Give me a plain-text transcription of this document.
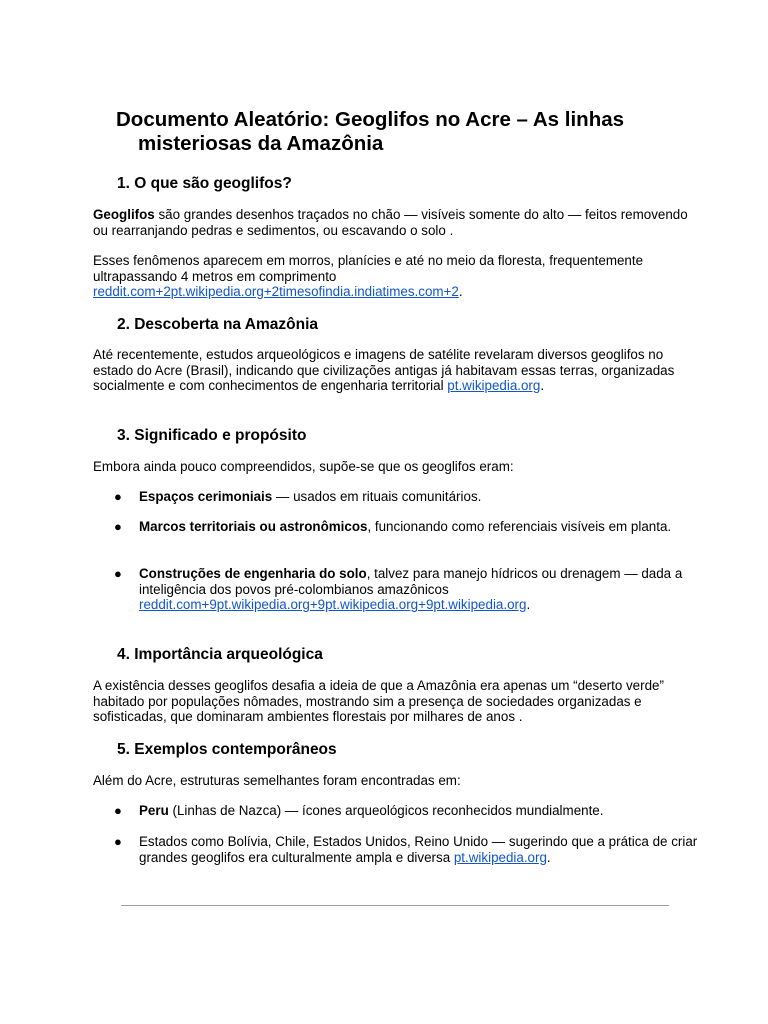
Documento Aleatório: Geoglifos no Acre – As linhas misteriosas da Amazônia
1. O que são geoglifos?

Geoglifos são grandes desenhos traçados no chão — visíveis somente do alto — feitos removendo ou rearranjando pedras e sedimentos, ou escavando o solo .

Esses fenômenos aparecem em morros, planícies e até no meio da floresta, frequentemente ultrapassando 4 metros em comprimento reddit.com+2pt.wikipedia.org+2timesofindia.indiatimes.com+2.

2. Descoberta na Amazônia

Até recentemente, estudos arqueológicos e imagens de satélite revelaram diversos geoglifos no estado do Acre (Brasil), indicando que civilizações antigas já habitavam essas terras, organizadas socialmente e com conhecimentos de engenharia territorial pt.wikipedia.org.

3. Significado e propósito

Embora ainda pouco compreendidos, supõe-se que os geoglifos eram:

● Espaços cerimoniais — usados em rituais comunitários.
● Marcos territoriais ou astronômicos, funcionando como referenciais visíveis em planta.
● Construções de engenharia do solo, talvez para manejo hídricos ou drenagem — dada a inteligência dos povos pré-colombianos amazônicos reddit.com+9pt.wikipedia.org+9pt.wikipedia.org+9pt.wikipedia.org.
4. Importância arqueológica

A existência desses geoglifos desafia a ideia de que a Amazônia era apenas um “deserto verde” habitado por populações nômades, mostrando sim a presença de sociedades organizadas e sofisticadas, que dominaram ambientes florestais por milhares de anos .

5. Exemplos contemporâneos

Além do Acre, estruturas semelhantes foram encontradas em:

● Peru (Linhas de Nazca) — ícones arqueológicos reconhecidos mundialmente.
● Estados como Bolívia, Chile, Estados Unidos, Reino Unido — sugerindo que a prática de criar grandes geoglifos era culturalmente ampla e diversa pt.wikipedia.org.
